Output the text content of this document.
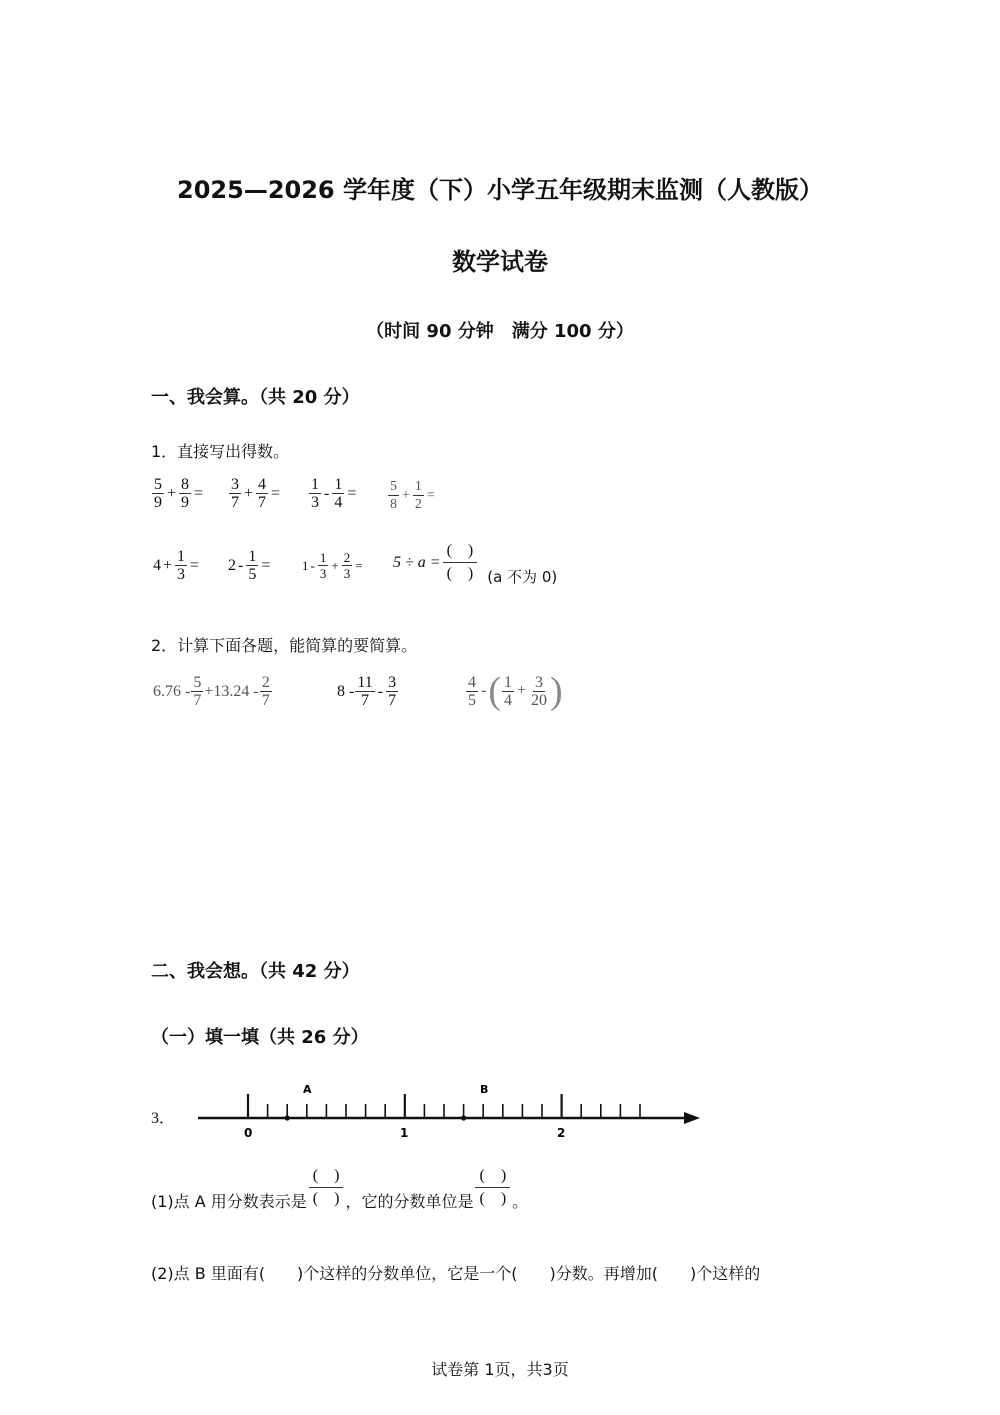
2025—2026 学年度（下）小学五年级期末监测（人教版）
数学试卷
（时间 90 分钟　满分 100 分）
一、我会算。（共 20 分）
1．直接写出得数。
$\frac{5}{9} + \frac{8}{9} = \frac{3}{7} + \frac{4}{7} = \frac{1}{3} - \frac{1}{4} = \frac{5}{8} + \frac{1}{2}$ =
$4 + \frac{1}{3} = 2 - \frac{1}{5} = 1 - \frac{1}{3} + \frac{2}{3} = 5 \div a$ =
(　)
(　) (a 不为 0)
2．计算下面各题，能简算的要简算。
$6.76 - \frac{5}{7} +13.24 - \frac{2}{7}$	$8 - \frac{11}{7} - \frac{3}{7}$	$\frac{4}{5}$ - ( $\frac{1}{4} + \frac{3}{20}$ )
二、我会想。（共 42 分）
（一）填一填（共 26 分）
3．
A	B
0	1	2
(1)点 A 用分数表示是
(　)
(　) ，它的分数单位是
(　)
(　) 。
(2)点 B 里面有(　　)个这样的分数单位，它是一个(　　)分数。再增加(　　)个这样的
试卷第 1页，共3页
